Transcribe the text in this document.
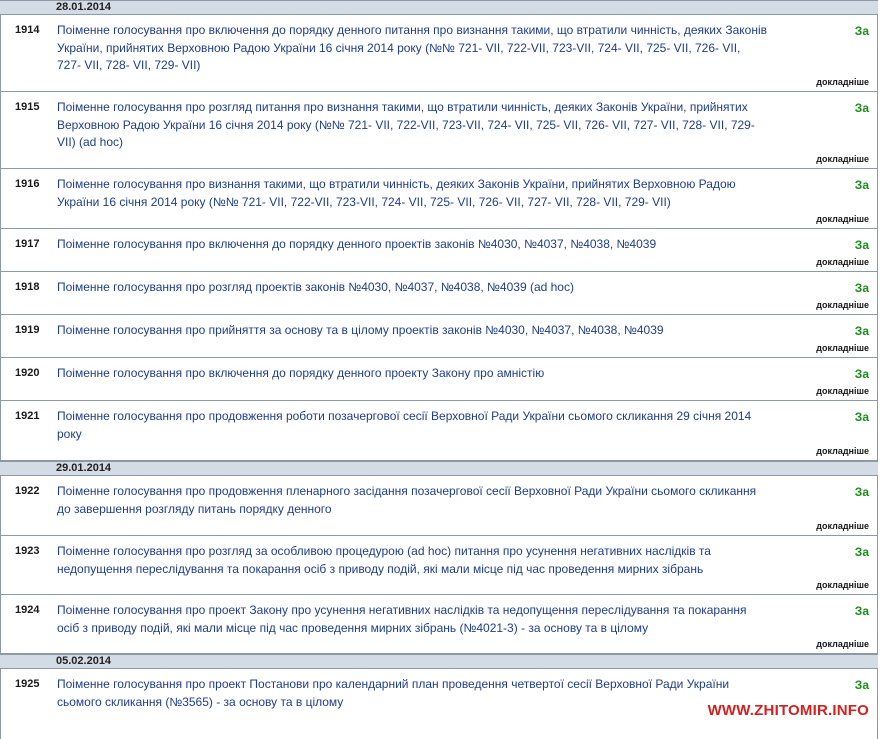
28.01.2014
1914 Поіменне голосування про включення до порядку денного питання про визнання такими, що втратили чинність, деяких Законів України, прийнятих Верховною Радою України 16 січня 2014 року (№№ 721- VII, 722-VII, 723-VII, 724- VII, 725- VII, 726- VII, 727- VII, 728- VII, 729- VII)
За
докладніше
1915 Поіменне голосування про розгляд питання про визнання такими, що втратили чинність, деяких Законів України, прийнятих Верховною Радою України 16 січня 2014 року (№№ 721- VII, 722-VII, 723-VII, 724- VII, 725- VII, 726- VII, 727- VII, 728- VII, 729- VII) (ad hoc)
За
докладніше
1916 Поіменне голосування про визнання такими, що втратили чинність, деяких Законів України, прийнятих Верховною Радою України 16 січня 2014 року (№№ 721- VII, 722-VII, 723-VII, 724- VII, 725- VII, 726- VII, 727- VII, 728- VII, 729- VII)
За
докладніше
1917 Поіменне голосування про включення до порядку денного проектів законів №4030, №4037, №4038, №4039	За
докладніше
1918 Поіменне голосування про розгляд проектів законів №4030, №4037, №4038, №4039 (ad hoc)	За
докладніше
1919 Поіменне голосування про прийняття за основу та в цілому проектів законів №4030, №4037, №4038, №4039	За
докладніше
1920 Поіменне голосування про включення до порядку денного проекту Закону про амністію	За
докладніше
1921 Поіменне голосування про продовження роботи позачергової сесії Верховної Ради України сьомого скликання 29 січня 2014 року
За
докладніше
29.01.2014
1922 Поіменне голосування про продовження пленарного засідання позачергової сесії Верховної Ради України сьомого скликання до завершення розгляду питань порядку денного
За
докладніше
1923 Поіменне голосування про розгляд за особливою процедурою (ad hoc) питання про усунення негативних наслідків та недопущення переслідування та покарання осіб з приводу подій, які мали місце під час проведення мирних зібрань
За
докладніше
1924 Поіменне голосування про проект Закону про усунення негативних наслідків та недопущення переслідування та покарання осіб з приводу подій, які мали місце під час проведення мирних зібрань (№4021-3) - за основу та в цілому
За
докладніше
05.02.2014
1925 Поіменне голосування про проект Постанови про календарний план проведення четвертої сесії Верховної Ради України сьомого скликання (№3565) - за основу та в цілому
За
WWW.ZHITOMIR.INFO
